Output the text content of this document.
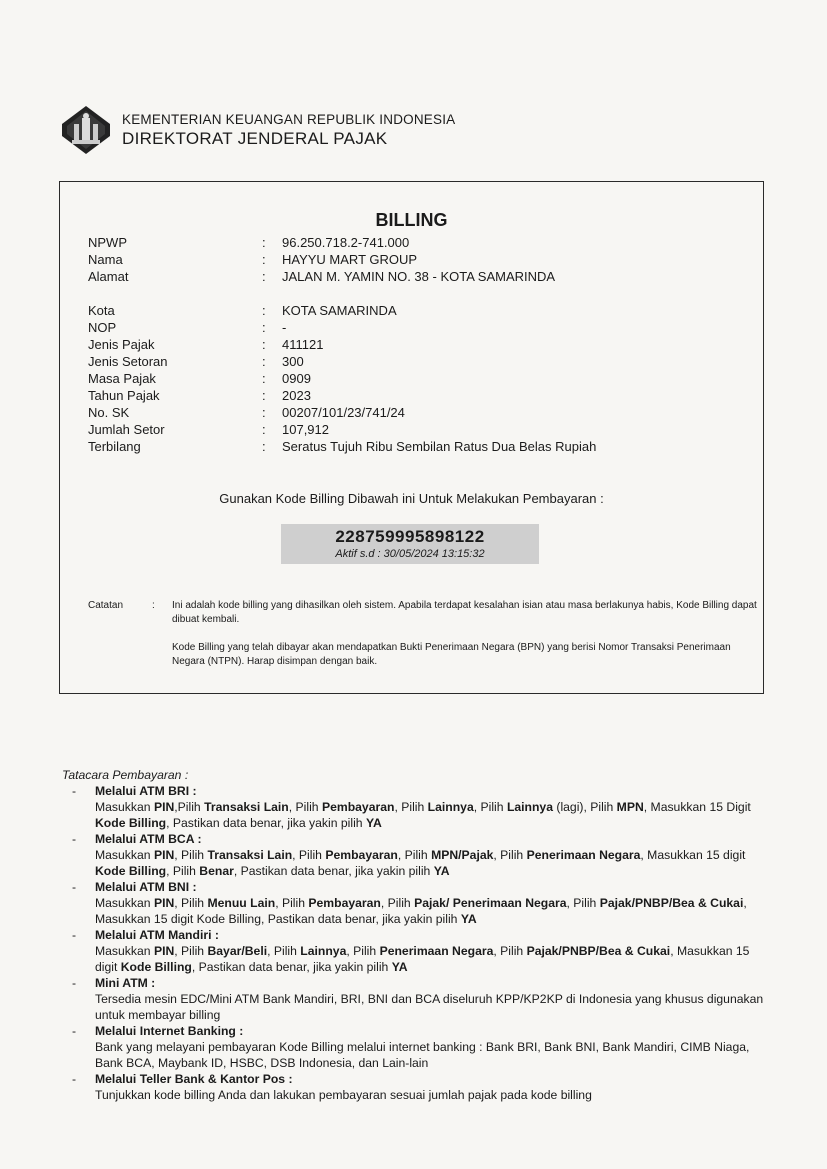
KEMENTERIAN KEUANGAN REPUBLIK INDONESIA
DIREKTORAT JENDERAL PAJAK
BILLING
NPWP	:	96.250.718.2-741.000
Nama	:	HAYYU MART GROUP
Alamat	:	JALAN M. YAMIN NO. 38 - KOTA SAMARINDA
Kota	:	KOTA SAMARINDA
NOP	:	-
Jenis Pajak	:	411121
Jenis Setoran	:	300
Masa Pajak	:	0909
Tahun Pajak	:	2023
No. SK	:	00207/101/23/741/24
Jumlah Setor	:	107,912
Terbilang	:	Seratus Tujuh Ribu Sembilan Ratus Dua Belas Rupiah
Gunakan Kode Billing Dibawah ini Untuk Melakukan Pembayaran :
228759995898122
Aktif s.d : 30/05/2024 13:15:32
Catatan	: Ini adalah kode billing yang dihasilkan oleh sistem. Apabila terdapat kesalahan isian atau masa berlakunya habis, Kode Billing dapat dibuat kembali.
Kode Billing yang telah dibayar akan mendapatkan Bukti Penerimaan Negara (BPN) yang berisi Nomor Transaksi Penerimaan Negara (NTPN). Harap disimpan dengan baik.
Tatacara Pembayaran :
- Melalui ATM BRI :
Masukkan PIN,Pilih Transaksi Lain, Pilih Pembayaran, Pilih Lainnya, Pilih Lainnya (lagi), Pilih MPN, Masukkan 15 Digit Kode Billing, Pastikan data benar, jika yakin pilih YA
- Melalui ATM BCA :
Masukkan PIN, Pilih Transaksi Lain, Pilih Pembayaran, Pilih MPN/Pajak, Pilih Penerimaan Negara, Masukkan 15 digit Kode Billing, Pilih Benar, Pastikan data benar, jika yakin pilih YA
- Melalui ATM BNI :
Masukkan PIN, Pilih Menuu Lain, Pilih Pembayaran, Pilih Pajak/ Penerimaan Negara, Pilih Pajak/PNBP/Bea & Cukai, Masukkan 15 digit Kode Billing, Pastikan data benar, jika yakin pilih YA
- Melalui ATM Mandiri :
Masukkan PIN, Pilih Bayar/Beli, Pilih Lainnya, Pilih Penerimaan Negara, Pilih Pajak/PNBP/Bea & Cukai, Masukkan 15 digit Kode Billing, Pastikan data benar, jika yakin pilih YA
- Mini ATM :
Tersedia mesin EDC/Mini ATM Bank Mandiri, BRI, BNI dan BCA diseluruh KPP/KP2KP di Indonesia yang khusus digunakan untuk membayar billing
- Melalui Internet Banking :
Bank yang melayani pembayaran Kode Billing melalui internet banking : Bank BRI, Bank BNI, Bank Mandiri, CIMB Niaga, Bank BCA, Maybank ID, HSBC, DSB Indonesia, dan Lain-lain
- Melalui Teller Bank & Kantor Pos :
Tunjukkan kode billing Anda dan lakukan pembayaran sesuai jumlah pajak pada kode billing
